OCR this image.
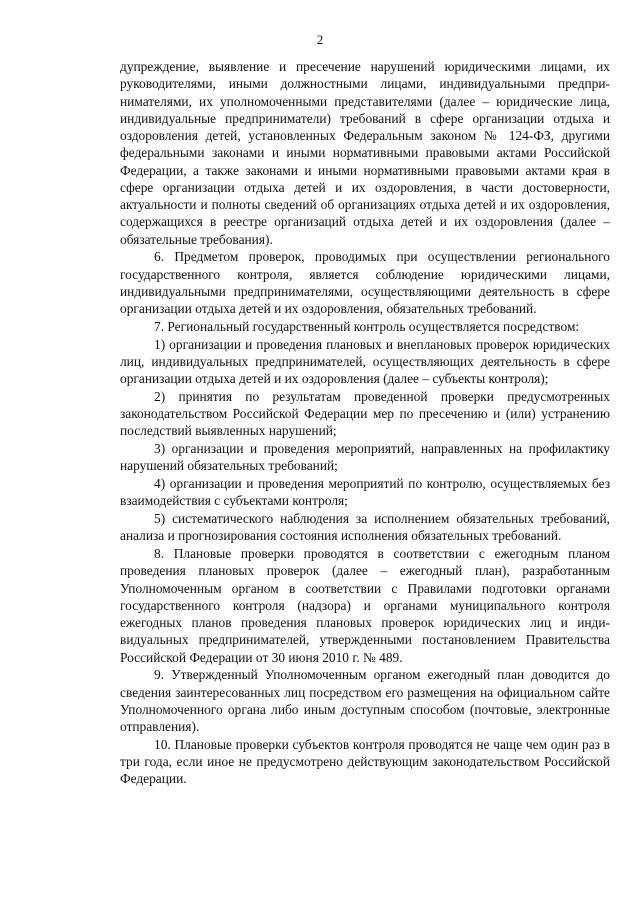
2

дупреждение, выявление и пресечение нарушений юридическими лицами, их руководителями, иными должностными лицами, индивидуальными предпринимателями, их уполномоченными представителями (далее – юридические лица, индивидуальные предприниматели) требований в сфере организации отдыха и оздоровления детей, установленных Федеральным законом № 124-ФЗ, другими федеральными законами и иными нормативными правовыми актами Российской Федерации, а также законами и иными нормативными правовыми актами края в сфере организации отдыха детей и их оздоровления, в части достоверности, актуальности и полноты сведений об организациях отдыха детей и их оздоровления, содержащихся в реестре организаций отдыха детей и их оздоровления (далее – обязательные требования).

6. Предметом проверок, проводимых при осуществлении регионального государственного контроля, является соблюдение юридическими лицами, индивидуальными предпринимателями, осуществляющими деятельность в сфере организации отдыха детей и их оздоровления, обязательных требований.

7. Региональный государственный контроль осуществляется посредством:

1) организации и проведения плановых и внеплановых проверок юридических лиц, индивидуальных предпринимателей, осуществляющих деятельность в сфере организации отдыха детей и их оздоровления (далее – субъекты контроля);

2) принятия по результатам проведенной проверки предусмотренных законодательством Российской Федерации мер по пресечению и (или) устранению последствий выявленных нарушений;

3) организации и проведения мероприятий, направленных на профилактику нарушений обязательных требований;

4) организации и проведения мероприятий по контролю, осуществляемых без взаимодействия с субъектами контроля;

5) систематического наблюдения за исполнением обязательных требований, анализа и прогнозирования состояния исполнения обязательных требований.

8. Плановые проверки проводятся в соответствии с ежегодным планом проведения плановых проверок (далее – ежегодный план), разработанным Уполномоченным органом в соответствии с Правилами подготовки органами государственного контроля (надзора) и органами муниципального контроля ежегодных планов проведения плановых проверок юридических лиц и индивидуальных предпринимателей, утвержденными постановлением Правительства Российской Федерации от 30 июня 2010 г. № 489.

9. Утвержденный Уполномоченным органом ежегодный план доводится до сведения заинтересованных лиц посредством его размещения на официальном сайте Уполномоченного органа либо иным доступным способом (почтовые, электронные отправления).

10. Плановые проверки субъектов контроля проводятся не чаще чем один раз в три года, если иное не предусмотрено действующим законодательством Российской Федерации.
